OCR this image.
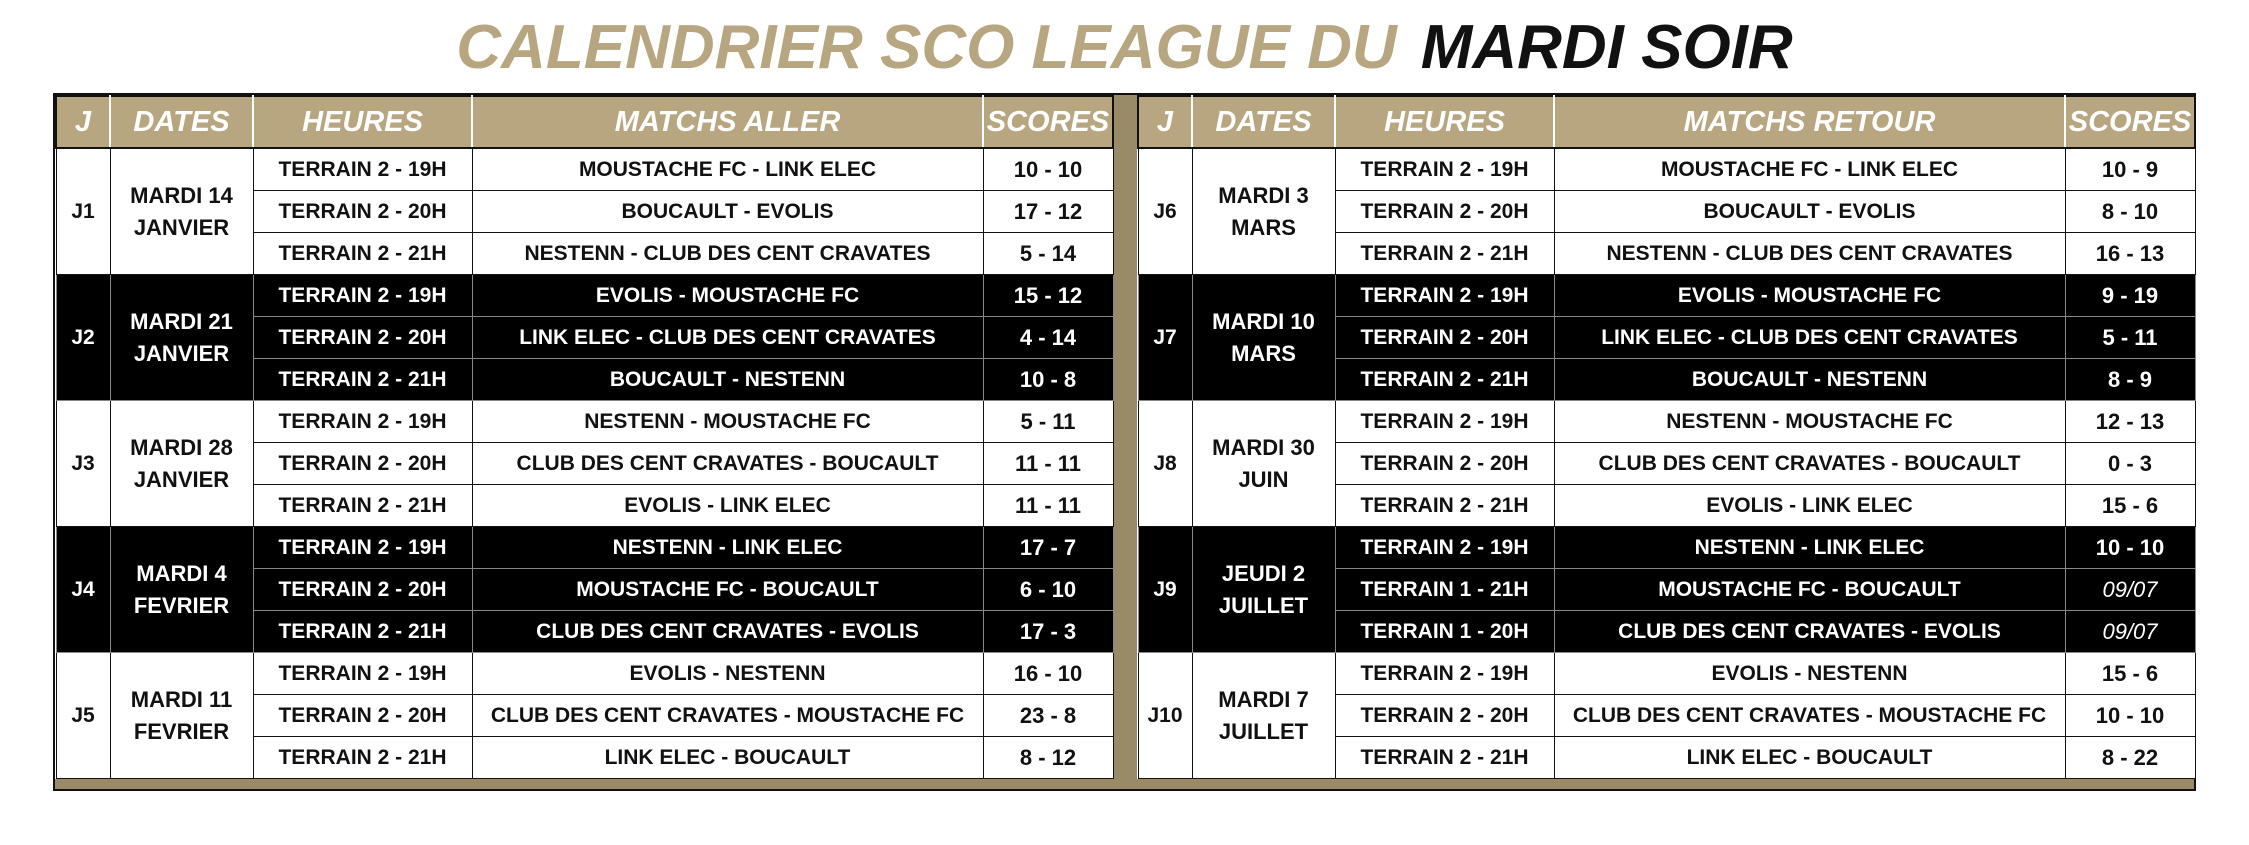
CALENDRIER SCO LEAGUE DU MARDI SOIR
J	DATES	HEURES	MATCHS ALLER	SCORES
J1	MARDI 14 JANVIER	TERRAIN 2 - 19H	MOUSTACHE FC - LINK ELEC	10 - 10
		TERRAIN 2 - 20H	BOUCAULT - EVOLIS	17 - 12
		TERRAIN 2 - 21H	NESTENN - CLUB DES CENT CRAVATES	5 - 14
J2	MARDI 21 JANVIER	TERRAIN 2 - 19H	EVOLIS - MOUSTACHE FC	15 - 12
		TERRAIN 2 - 20H	LINK ELEC - CLUB DES CENT CRAVATES	4 - 14
		TERRAIN 2 - 21H	BOUCAULT - NESTENN	10 - 8
J3	MARDI 28 JANVIER	TERRAIN 2 - 19H	NESTENN - MOUSTACHE FC	5 - 11
		TERRAIN 2 - 20H	CLUB DES CENT CRAVATES - BOUCAULT	11 - 11
		TERRAIN 2 - 21H	EVOLIS - LINK ELEC	11 - 11
J4	MARDI 4 FEVRIER	TERRAIN 2 - 19H	NESTENN - LINK ELEC	17 - 7
		TERRAIN 2 - 20H	MOUSTACHE FC - BOUCAULT	6 - 10
		TERRAIN 2 - 21H	CLUB DES CENT CRAVATES - EVOLIS	17 - 3
J5	MARDI 11 FEVRIER	TERRAIN 2 - 19H	EVOLIS - NESTENN	16 - 10
		TERRAIN 2 - 20H	CLUB DES CENT CRAVATES - MOUSTACHE FC	23 - 8
		TERRAIN 2 - 21H	LINK ELEC - BOUCAULT	8 - 12
J	DATES	HEURES	MATCHS RETOUR	SCORES
J6	MARDI 3 MARS	TERRAIN 2 - 19H	MOUSTACHE FC - LINK ELEC	10 - 9
		TERRAIN 2 - 20H	BOUCAULT - EVOLIS	8 - 10
		TERRAIN 2 - 21H	NESTENN - CLUB DES CENT CRAVATES	16 - 13
J7	MARDI 10 MARS	TERRAIN 2 - 19H	EVOLIS - MOUSTACHE FC	9 - 19
		TERRAIN 2 - 20H	LINK ELEC - CLUB DES CENT CRAVATES	5 - 11
		TERRAIN 2 - 21H	BOUCAULT - NESTENN	8 - 9
J8	MARDI 30 JUIN	TERRAIN 2 - 19H	NESTENN - MOUSTACHE FC	12 - 13
		TERRAIN 2 - 20H	CLUB DES CENT CRAVATES - BOUCAULT	0 - 3
		TERRAIN 2 - 21H	EVOLIS - LINK ELEC	15 - 6
J9	JEUDI 2 JUILLET	TERRAIN 2 - 19H	NESTENN - LINK ELEC	10 - 10
		TERRAIN 1 - 21H	MOUSTACHE FC - BOUCAULT	09/07
		TERRAIN 1 - 20H	CLUB DES CENT CRAVATES - EVOLIS	09/07
J10	MARDI 7 JUILLET	TERRAIN 2 - 19H	EVOLIS - NESTENN	15 - 6
		TERRAIN 2 - 20H	CLUB DES CENT CRAVATES - MOUSTACHE FC	10 - 10
		TERRAIN 2 - 21H	LINK ELEC - BOUCAULT	8 - 22
